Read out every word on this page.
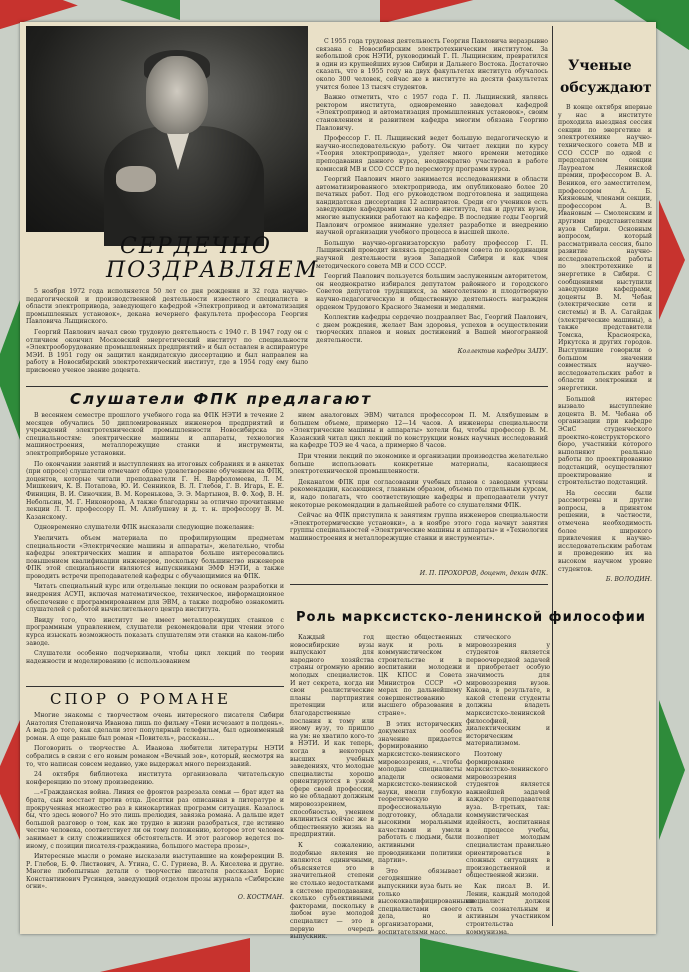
СЕРДЕЧНО
ПОЗДРАВЛЯЕМ

5 ноября 1972 года исполняется 50 лет со дня рождения и 32 года научно-педагогической и производственной деятельности известного специалиста в области электропривода, заведующего кафедрой «Электропривод и автоматизация промышленных установок», декана вечернего факультета профессора Георгия Павловича Лыщинского.

Георгий Павлович начал свою трудовую деятельность с 1940 г. В 1947 году он с отличием окончил Московский энергетический институт по специальности «Электрооборудование промышленных предприятий» и был оставлен в аспирантуре МЭИ. В 1951 году он защитил кандидатскую диссертацию и был направлен на работу в Новосибирский электротехнический институт, где в 1954 году ему было присвоено ученое звание доцента.

С 1955 года трудовая деятельность Георгия Павловича неразрывно связана с Новосибирским электротехническим институтом. За небольшой срок НЭТИ, руководимый Г. П. Лыщинским, превратился в один из крупнейших вузов Сибири и Дальнего Востока. Достаточно сказать, что в 1955 году на двух факультетах института обучалось около 300 человек, сейчас же в институте на десяти факультетах учится более 13 тысяч студентов.

Важно отметить, что с 1957 года Г. П. Лыщинский, являясь ректором института, одновременно заведовал кафедрой «Электропривод и автоматизация промышленных установок», своим становлением и развитием кафедра многим обязана Георгию Павловичу.

Профессор Г. П. Лыщинский ведет большую педагогическую и научно-исследовательскую работу. Он читает лекции по курсу «Теория электропривода», уделяет много времени методике преподавания данного курса, неоднократно участвовал в работе комиссий МВ и ССО СССР по пересмотру программ курса.

Георгий Павлович много занимается исследованиями в области автоматизированного электропривода, им опубликовано более 20 печатных работ. Под его руководством подготовлена и защищена кандидатская диссертация 12 аспирантов. Среди его учеников есть заведующие кафедрами как нашего института, так и других вузов, многие выпускники работают на кафедре. В последние годы Георгий Павлович огромное внимание уделяет разработке и внедрению научной организации учебного процесса в высшей школе.

Большую научно-организаторскую работу профессор Г. П. Лыщинский проводит являясь председателем совета по координации научной деятельности вузов Западной Сибири и как член методического совета МВ и ССО СССР.

Георгий Павлович пользуется большим заслуженным авторитетом, он неоднократно избирался депутатом районного и городского Советов депутатов трудящихся, за многолетнюю и плодотворную научно-педагогическую и общественную деятельность награжден орденом Трудового Красного Знамени и медалями.

Коллектив кафедры сердечно поздравляет Вас, Георгий Павлович, с днем рождения, желает Вам здоровья, успехов в осуществлении творческих планов и новых достижений в Вашей многогранной деятельности.

Коллектив кафедры ЗАПУ.

Ученые
обсуждают

В конце октября впервые у нас в институте проходила выездная сессия секции по энергетике и электротехнике научно-технического совета МВ и ССО СССР по одной с председателем секции Лауреатом Ленинской премии, профессором В. А. Веников, его заместителем, профессором А. Б. Кияновым, членами секции, профессором А. В. Ивановым — Смоленским и другими представителями вузов Сибири. Основным вопросом, который рассматривала сессия, было развитие научно-исследовательской работы по электротехнике и энергетике в Сибири. С сообщениями выступили заведующие кафедрами, доценты В. М. Чебан (электрические сети и системы) и В. А. Сагайдак (электрические машины), а также представители Томска, Красноярска, Иркутска и других городов. Выступившие говорили о большом значении совместных научно-исследовательских работ в области электроники и энергетики.

Большой интерес вызвало выступление доцента В. М. Чебана об организации при кафедре ЭСиС студенческого проектно-конструкторского бюро, участники которого выполняют реальные работы по проектированию подстанций, осуществляют проектирование и строительство подстанций.

На сессии были рассмотрены и другие вопросы, в принятом решении, в частности, отмечена необходимость более широкого привлечения к научно-исследовательским работам и проведению их на высоком научном уровне студентов.

Б. ВОЛОДИН.

Слушатели ФПК предлагают

В весеннем семестре прошлого учебного года на ФПК НЭТИ в течение 2 месяцев обучались 50 дипломированных инженеров предприятий и учреждений электротехнической промышленности Новосибирска по специальностям: электрические машины и аппараты, технология машиностроения, металлорежущие станки и инструменты, электроприборные установки.

По окончании занятий и выступлениях на итоговых собраниях и в анкетах (при опросе) слушатели отмечают общее удовлетворение обучением на ФПК, доцентов, которые читали преподаватели Г. Н. Варфоломеева, Л. М. Мишкевич, К. В. Потапова, Ю. И. Сенников, В. Л. Глебов, Г. В. Игарь, Е. Е. Финицин, В. И. Синочкин, В. М. Коренькова, Э. Э. Мартынов, В. Ф. Хоф, В. Н. Небольсин, М. Г. Никонорова, А также благодарны за отлично прочитанные лекции Л. Т. профессору П. М. Алябушеву и д. т. н. профессору В. М. Казанскому.

Одновременно слушатели ФПК высказали следующие пожелания:

Увеличить объем материала по профилирующим предметам специальности «Электрические машины и аппараты», желательно, чтобы кафедры электрических машин и аппаратов больше интересовались повышением квалификации инженеров, поскольку большинство инженеров ФПК этой специальности являются выпускниками ЭМФ НЭТИ, а также проводить встречи преподавателей кафедры с обучающимися на ФПК.

Читать специальный курс или отдельные лекции по основам разработки и внедрения АСУП, включая математическое, техническое, информационное обеспечение с программированием для ЭВМ, а также подробно ознакомить слушателей с работой вычислительного центра института.

Ввиду того, что институт не имеет металлорежущих станков с программным управлением, слушатели рекомендовали при чтении этого курса изыскать возможность показать слушателям эти станки на каком-либо заводе.

Слушатели особенно подчеркивали, чтобы цикл лекций по теории надежности и моделированию (с использованием

нием аналоговых ЭВМ) читался профессором П. М. Алябушевым в большем объеме, примерно 12—14 часов. А инженеры специальности «Электрические машины и аппараты» хотели бы, чтобы профессор В. М. Казанский читал цикл лекций по конструкции новых научных исследований на кафедре ТОЭ не 4 часа, а примерно 8 часов.

При чтении лекций по экономике и организации производства желательно больше использовать конкретные материалы, касающиеся электротехнической промышленности.

Деканатом ФПК при согласовании учебных планов с заводами учтены рекомендации, касающиеся, главным образом, объема по отдельным курсам, и, надо полагать, что соответствующие кафедры и преподаватели учтут некоторые рекомендации в дальнейшей работе со слушателями ФПК.

Сейчас на ФПК приступила к занятиям группа инженеров специальности «Электротермические установки», а в ноябре этого года начнут занятия группы специальностей «Электрические машины и аппараты» и «Технология машиностроения и металлорежущие станки и инструменты».

И. П. ПРОХОРОВ, доцент, декан ФПК.

СПОР О РОМАНЕ

Многие знакомы с творчеством очень интересного писателя Сибири Анатолия Степановича Иванова лишь по фильму «Тени исчезают в полдень». А ведь до того, как сделали этот популярный телефильм, был одноименный роман. А еще раньше был роман «Повитель», рассказы...

Поговорить о творчестве А. Иванова любители литературы НЭТИ собрались в связи с его новым романом «Вечный зов», который, несмотря на то, что написан совсем недавно, уже выдержал много переизданий.

24 октября библиотека института организовала читательскую конференцию по этому произведению.

...«Гражданская война. Линия ее фронтов разрезала семьи — брат идет на брата, сын восстает против отца. Десятки раз описанная в литературе и прокрученная множество раз в кинокартинах программ ситуация. Казалось бы, что здесь нового? Но это лишь прелюдия, завязка романа. А дальше идет большой разговор о том, как же трудно в жизни разобраться, где истинно честно человека, соответствует ли он тому положению, которое этот человек занимает в силу сложившихся обстоятельств. И этот разговор ведется по-иному, с позиции писателя-гражданина, большого мастера прозы»,

Интересные мысли о романе высказали выступавшие на конференции В. Р. Глебов, Б. Ф. Листвович, А. Утина, С. С. Гуриева, В. А. Киселева и другие. Многие любопытные детали о творчестве писателя рассказал Борис Константинович Русинцев, заведующий отделом прозы журнала «Сибирские огни».

О. КОСТМАН.

Роль марксистско-ленинской философии

Каждый год новосибирские вузы выпускают для народного хозяйства страны огромную армию молодых специалистов. И нет секрета, когда ни свои реалистические планы партприятия претенции или благодарственные послания к тому или иному вузу, то пришло на ум: не хватило кого-то в НЭТИ. И как теперь, когда в некоторых высших учебных заведениях, что молодые специалисты хорошо ориентируются в узкой сфере своей профессии, но не обладают должным мировоззрением, способностью, умением вклиниться сейчас же в общественную жизнь на предприятии.

К сожалению, подобные явления не являются единичными, объясняется это в значительной степени не столько недостатками в системе преподавания, сколько субъективными факторами, поскольку в любом вузе молодой специалист — это в первую очередь выпускник.

щество общественных наук и роль в коммунистическом строительстве и в воспитании молодежи ЦК КПСС и Совета Министров СССР «О мерах по дальнейшему совершенствованию высшего образования в стране».

В этих исторических документах особое значение придается формированию марксистско-ленинского мировоззрения, «...чтобы молодые специалисты владели основами марксистско-ленинской науки, имели глубокую теоретическую и профессиональную подготовку, обладали высокими моральными качествами и умели работать с людьми, были активными проводниками политики партии».

Это обязывает сегодняшние выпускники вуза быть не только высококвалифицированными специалистами своего дела, но и организаторами, воспитателями масс.

стического мировоззрения у студентов является первоочередной задачей и приобретает особую значимость для мировоззрения вузов. Какова, в результате, в какой степени студенты должны владеть марксистско-ленинской философией, диалектическим и историческим материализмом.

Поэтому формирование марксистско-ленинского мировоззрения студентов является важнейшей задачей каждого преподавателя вуза. В-третьих, так: коммунистическая идейность, воспитанная в процессе учебы, позволяет молодым специалистам правильно ориентироваться в сложных ситуациях в производственной и общественной жизни.

Как писал В. И. Ленин, каждый молодой специалист должен стать сознательным и активным участником строительства коммунизма.
